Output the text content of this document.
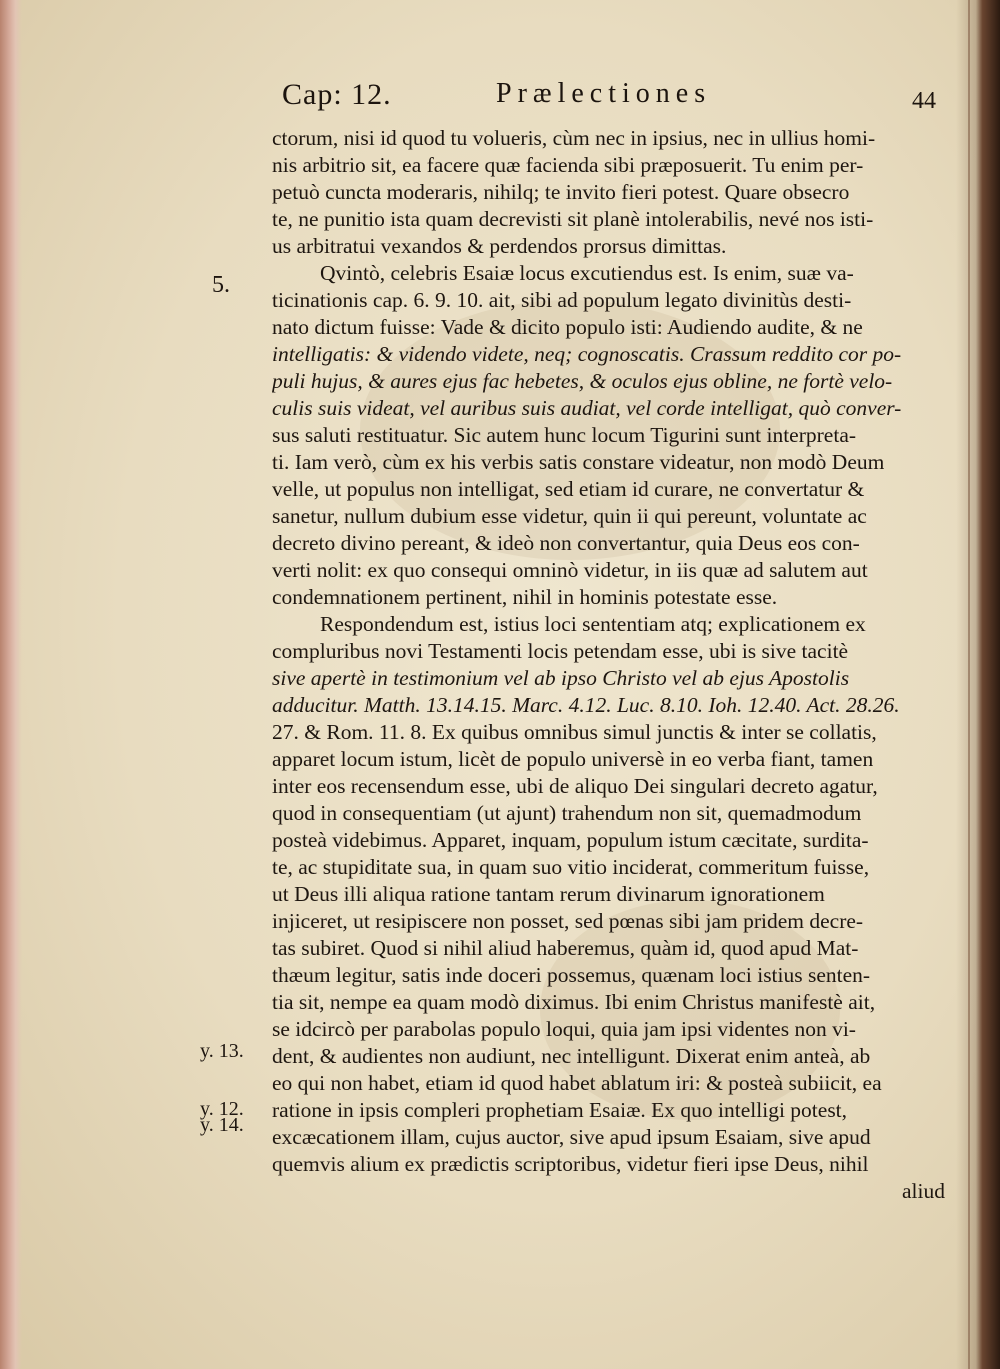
Cap: 12.	Prælectiones	44
5.
y. 13.
y. 12.
y. 14.
ctorum, nisi id quod tu volueris, cùm nec in ipsius, nec in ullius homi-
nis arbitrio sit, ea facere quæ facienda sibi præposuerit. Tu enim per-
petuò cuncta moderaris, nihilq; te invito fieri potest. Quare obsecro
te, ne punitio ista quam decrevisti sit planè intolerabilis, nevé nos isti-
us arbitratui vexandos & perdendos prorsus dimittas.
Qvintò, celebris Esaiæ locus excutiendus est. Is enim, suæ va-
ticinationis cap. 6. 9. 10. ait, sibi ad populum legato divinitùs desti-
nato dictum fuisse: Vade & dicito populo isti: Audiendo audite, & ne
intelligatis: & videndo videte, neq; cognoscatis. Crassum reddito cor po-
puli hujus, & aures ejus fac hebetes, & oculos ejus obline, ne fortè velo-
culis suis videat, vel auribus suis audiat, vel corde intelligat, quò conver-
sus saluti restituatur. Sic autem hunc locum Tigurini sunt interpreta-
ti. Iam verò, cùm ex his verbis satis constare videatur, non modò Deum
velle, ut populus non intelligat, sed etiam id curare, ne convertatur &
sanetur, nullum dubium esse videtur, quin ii qui pereunt, voluntate ac
decreto divino pereant, & ideò non convertantur, quia Deus eos con-
verti nolit: ex quo consequi omninò videtur, in iis quæ ad salutem aut
condemnationem pertinent, nihil in hominis potestate esse.
Respondendum est, istius loci sententiam atq; explicationem ex
compluribus novi Testamenti locis petendam esse, ubi is sive tacitè
sive apertè in testimonium vel ab ipso Christo vel ab ejus Apostolis
adducitur. Matth. 13.14.15. Marc. 4.12. Luc. 8.10. Ioh. 12.40. Act. 28.26.
27. & Rom. 11. 8. Ex quibus omnibus simul junctis & inter se collatis,
apparet locum istum, licèt de populo universè in eo verba fiant, tamen
inter eos recensendum esse, ubi de aliquo Dei singulari decreto agatur,
quod in consequentiam (ut ajunt) trahendum non sit, quemadmodum
posteà videbimus. Apparet, inquam, populum istum cæcitate, surdita-
te, ac stupiditate sua, in quam suo vitio inciderat, commeritum fuisse,
ut Deus illi aliqua ratione tantam rerum divinarum ignorationem
injiceret, ut resipiscere non posset, sed pœnas sibi jam pridem decre-
tas subiret. Quod si nihil aliud haberemus, quàm id, quod apud Mat-
thæum legitur, satis inde doceri possemus, quænam loci istius senten-
tia sit, nempe ea quam modò diximus. Ibi enim Christus manifestè ait,
se idcircò per parabolas populo loqui, quia jam ipsi videntes non vi-
dent, & audientes non audiunt, nec intelligunt. Dixerat enim anteà, ab
eo qui non habet, etiam id quod habet ablatum iri: & posteà subiicit, ea
ratione in ipsis compleri prophetiam Esaiæ. Ex quo intelligi potest,
excæcationem illam, cujus auctor, sive apud ipsum Esaiam, sive apud
quemvis alium ex prædictis scriptoribus, videtur fieri ipse Deus, nihil
aliud
